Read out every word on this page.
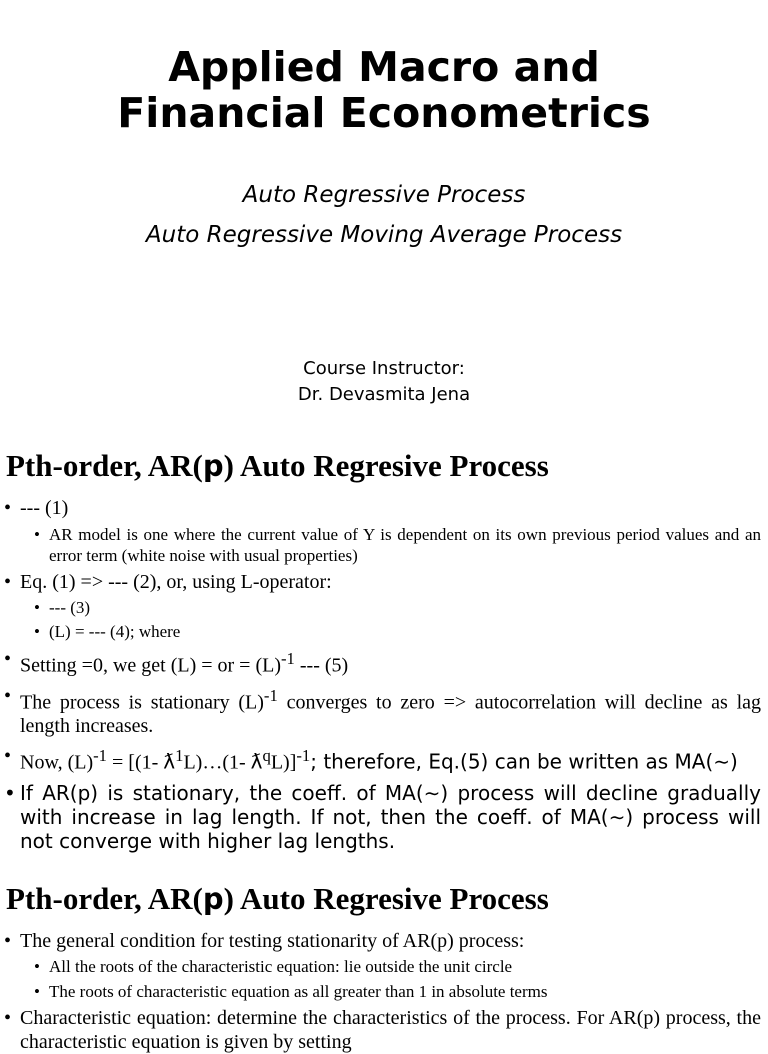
Applied Macro and
Financial Econometrics
Auto Regressive Process
Auto Regressive Moving Average Process
Course Instructor:
Dr. Devasmita Jena
Pth-order, AR(p) Auto Regresive Process

• --- (1)

• AR model is one where the current value of Y is dependent on its own previous period values and an error term (white noise with usual properties)

• Eq. (1) => --- (2), or, using L-operator:

• --- (3)

• (L) = --- (4); where

• Setting =0, we get (L) = or = $(L)^{-1}$ --- (5)

• The process is stationary $(L)^{-1}$ converges to zero => autocorrelation will decline as lag length increases.

• Now, $(L)^{-1} = [(1-$ $ƛ^1L)\dots(1-$ $ƛ^qL)]^{-1}$; therefore, Eq.(5) can be written as MA(∼)

• If AR(p) is stationary, the coeff. of MA(∼) process will decline gradually with increase in lag length. If not, then the coeff. of MA(∼) process will not converge with higher lag lengths.

Pth-order, AR(p) Auto Regresive Process

• The general condition for testing stationarity of AR(p) process:

• All the roots of the characteristic equation: lie outside the unit circle

• The roots of characteristic equation as all greater than 1 in absolute terms

• Characteristic equation: determine the characteristics of the process. For AR(p) process, the characteristic equation is given by setting
